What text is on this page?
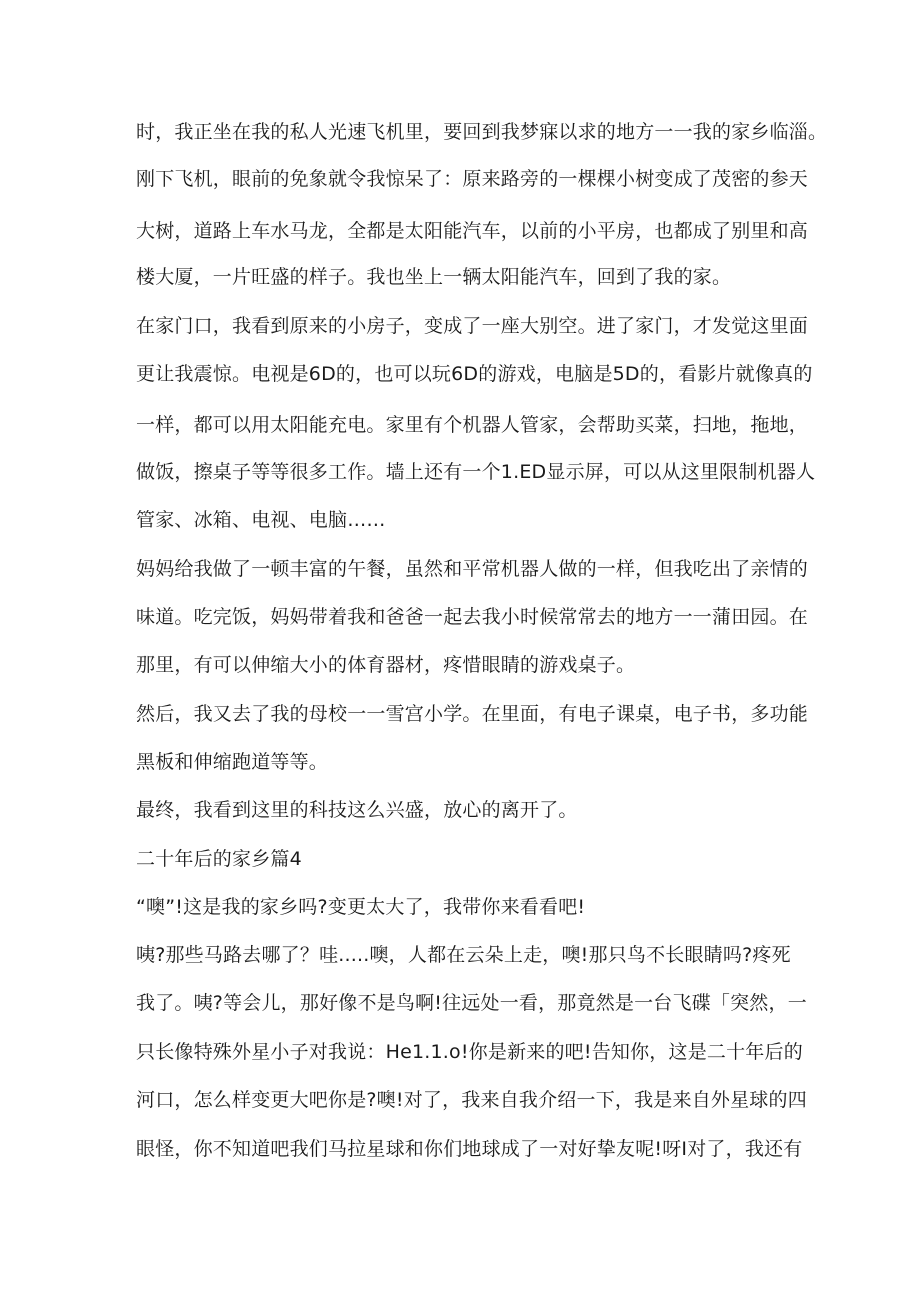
时，我正坐在我的私人光速飞机里，要回到我梦寐以求的地方一一我的家乡临淄。
刚下飞机，眼前的免象就令我惊呆了：原来路旁的一棵棵小树变成了茂密的参天
大树，道路上车水马龙，全都是太阳能汽车，以前的小平房，也都成了别里和高
楼大厦，一片旺盛的样子。我也坐上一辆太阳能汽车，回到了我的家。
在家门口，我看到原来的小房子，变成了一座大别空。进了家门，才发觉这里面
更让我震惊。电视是6D的，也可以玩6D的游戏，电脑是5D的，看影片就像真的
一样，都可以用太阳能充电。家里有个机器人管家，会帮助买菜，扫地，拖地，
做饭，擦桌子等等很多工作。墙上还有一个1.ED显示屏，可以从这里限制机器人
管家、冰箱、电视、电脑……
妈妈给我做了一顿丰富的午餐，虽然和平常机器人做的一样，但我吃出了亲情的
味道。吃完饭，妈妈带着我和爸爸一起去我小时候常常去的地方一一蒲田园。在
那里，有可以伸缩大小的体育器材，疼惜眼睛的游戏桌子。
然后，我又去了我的母校一一雪宫小学。在里面，有电子课桌，电子书，多功能
黑板和伸缩跑道等等。
最终，我看到这里的科技这么兴盛，放心的离开了。
二十年后的家乡篇4
“噢”!这是我的家乡吗?变更太大了，我带你来看看吧!
咦?那些马路去哪了？哇.....噢，人都在云朵上走，噢!那只鸟不长眼睛吗?疼死
我了。咦?等会儿，那好像不是鸟啊!往远处一看，那竟然是一台飞碟「突然，一
只长像特殊外星小子对我说：He1.1.o!你是新来的吧!告知你，这是二十年后的
河口，怎么样变更大吧你是?噢!对了，我来自我介绍一下，我是来自外星球的四
眼怪，你不知道吧我们马拉星球和你们地球成了一对好挚友呢!呀I对了，我还有
